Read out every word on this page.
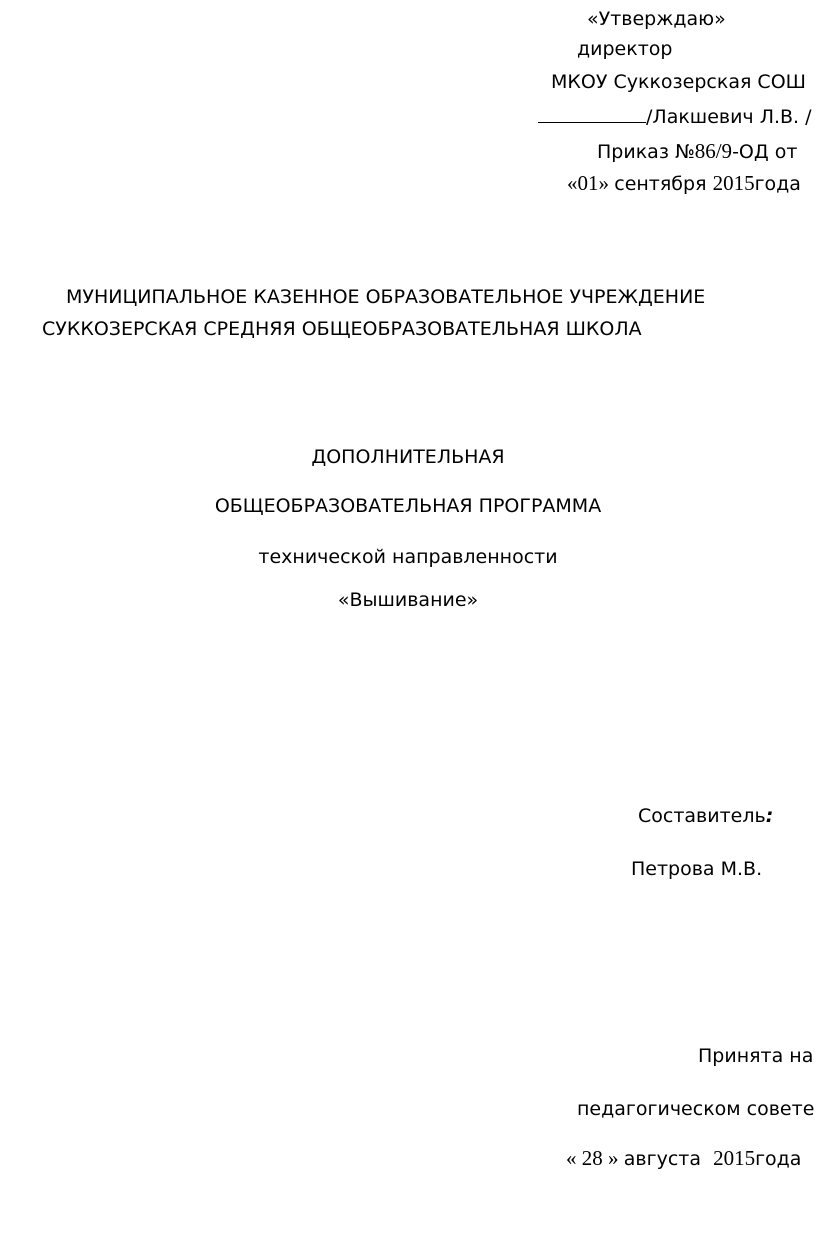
«Утверждаю»

директор

МКОУ Суккозерская СОШ

/Лакшевич Л.В. /

Приказ №86/9-ОД от

«01» сентября 2015года

МУНИЦИПАЛЬНОЕ КАЗЕННОЕ ОБРАЗОВАТЕЛЬНОЕ УЧРЕЖДЕНИЕ

СУККОЗЕРСКАЯ СРЕДНЯЯ ОБЩЕОБРАЗОВАТЕЛЬНАЯ ШКОЛА

ДОПОЛНИТЕЛЬНАЯ

ОБЩЕОБРАЗОВАТЕЛЬНАЯ ПРОГРАММА

технической направленности

«Вышивание»

Составитель:

Петрова М.В.

Принята на

педагогическом совете

« 28 » августа  2015года
